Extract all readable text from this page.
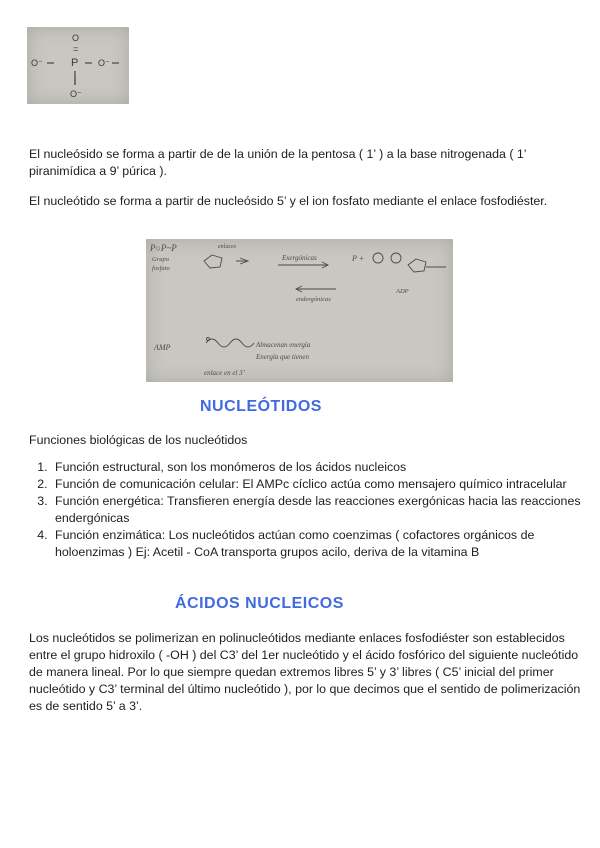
O
=
O⁻	P O⁻
O⁻

El nucleósido se forma a partir de de la unión de la pentosa ( 1’ ) a la base nitrogenada ( 1’ piranimídica a 9’ púrica ).

El nucleótido se forma a partir de nucleósido 5’ y el ion fosfato mediante el enlace fosfodiéster.

P○P~P	enlaces
Grupo
fosfato
Exergónicas	P +
ADP
endergónicas
AMP	Almacenan energía
Energía que tienen
enlace en el 3’
NUCLEÓTIDOS

Funciones biológicas de los nucleótidos

1. Función estructural, son los monómeros de los ácidos nucleicos
2. Función de comunicación celular: El AMPc cíclico actúa como mensajero químico intracelular
3. Función energética: Transfieren energía desde las reacciones exergónicas hacia las reacciones endergónicas
4. Función enzimática: Los nucleótidos actúan como coenzimas ( cofactores orgánicos de holoenzimas ) Ej: Acetil - CoA transporta grupos acilo, deriva de la vitamina B
ÁCIDOS NUCLEICOS

Los nucleótidos se polimerizan en polinucleótidos mediante enlaces fosfodiéster son establecidos entre el grupo hidroxilo ( -OH ) del C3’ del 1er nucleótido y el ácido fosfórico del siguiente nucleótido de manera lineal. Por lo que siempre quedan extremos libres 5’ y 3’ libres ( C5’ inicial del primer nucleótido y C3’ terminal del último nucleótido ), por lo que decimos que el sentido de polimerización es de sentido 5’ a 3’.
